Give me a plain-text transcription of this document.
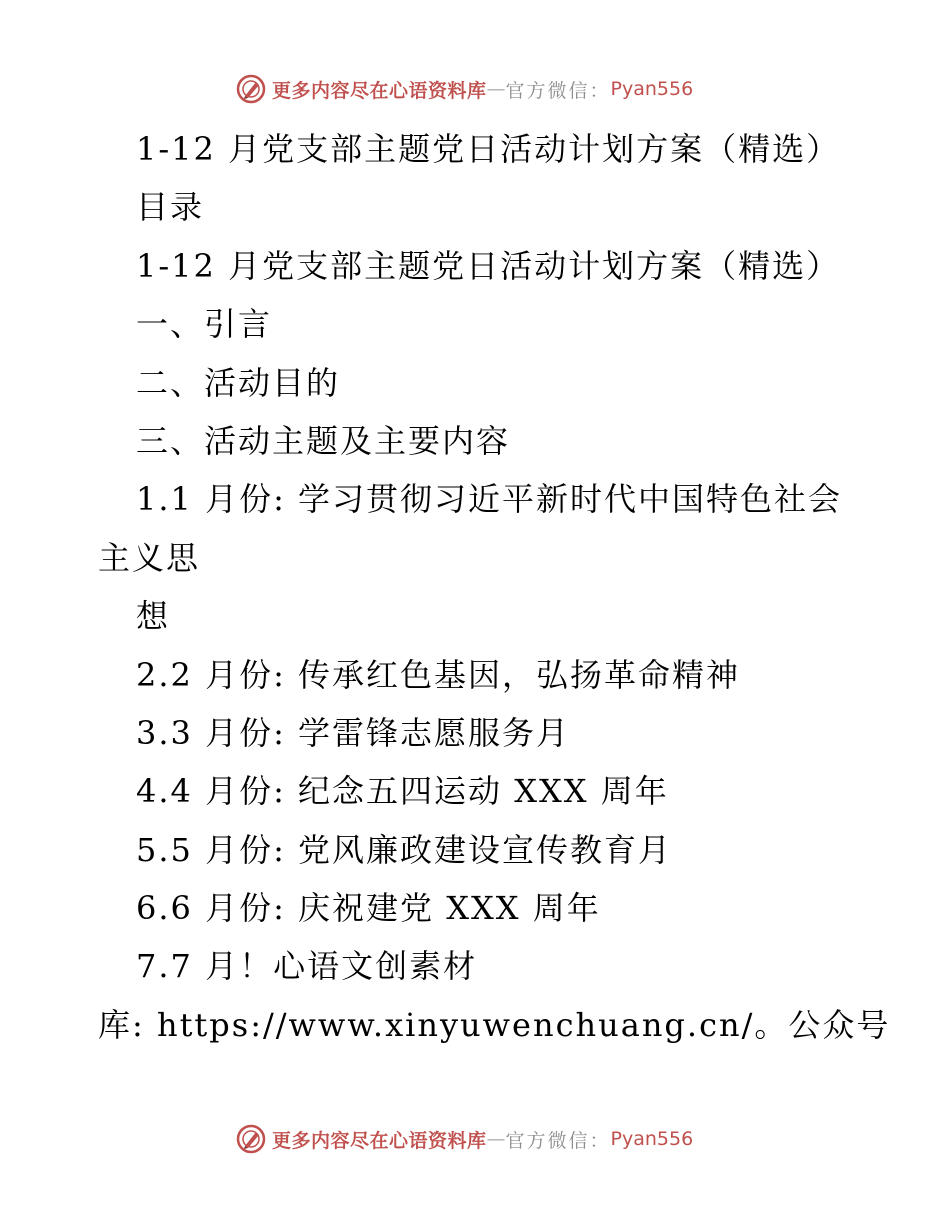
更多内容尽在心语资料库 — 官方微信： Pyan556
1-12 月党支部主题党日活动计划方案（精选）
目录
1-12 月党支部主题党日活动计划方案（精选）
一、引言
二、活动目的
三、活动主题及主要内容
1.1 月份: 学习贯彻习近平新时代中国特色社会
主义思
想
2.2 月份: 传承红色基因，弘扬革命精神
3.3 月份: 学雷锋志愿服务月
4.4 月份: 纪念五四运动 XXX 周年
5.5 月份: 党风廉政建设宣传教育月
6.6 月份: 庆祝建党 XXX 周年
7.7 月！心语文创素材
库: https://www.xinyuwenchuang.cn/。公众号
更多内容尽在心语资料库 — 官方微信： Pyan556
